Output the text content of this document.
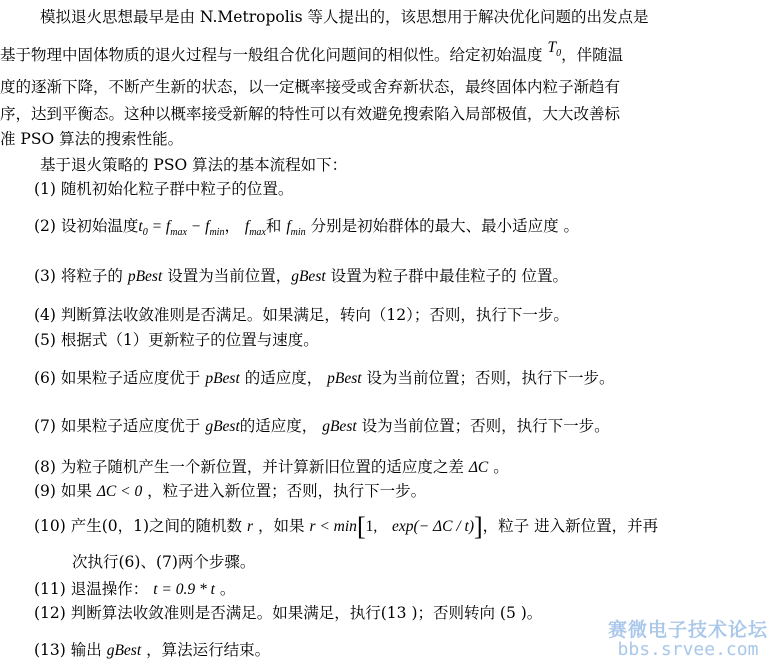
模拟退火思想最早是由 N.Metropolis 等人提出的，该思想用于解决优化问题的出发点是
基于物理中固体物质的退火过程与一般组合优化问题间的相似性。给定初始温度 $T_0$，伴随温
度的逐渐下降，不断产生新的状态，以一定概率接受或舍弃新状态，最终固体内粒子渐趋有
序，达到平衡态。这种以概率接受新解的特性可以有效避免搜索陷入局部极值，大大改善标
准 PSO 算法的搜索性能。
基于退火策略的 PSO 算法的基本流程如下：
(1) 随机初始化粒子群中粒子的位置。
(2) 设初始温度$t_0 = f_{max} - f_{min}$， $f_{max}$和 $f_{min}$ 分别是初始群体的最大、最小适应度 。
(3) 将粒子的 pBest 设置为当前位置，gBest 设置为粒子群中最佳粒子的 位置。
(4) 判断算法收敛准则是否满足。如果满足，转向（12）；否则，执行下一步。
(5) 根据式（1）更新粒子的位置与速度。
(6) 如果粒子适应度优于 pBest 的适应度， pBest 设为当前位置；否则，执行下一步。
(7) 如果粒子适应度优于 gBest的适应度， gBest 设为当前位置；否则，执行下一步。
(8) 为粒子随机产生一个新位置，并计算新旧位置的适应度之差 ΔC 。
(9) 如果 ΔC < 0 ，粒子进入新位置；否则，执行下一步。
(10) 产生(0，1)之间的随机数 r ，如果 r < min[1, exp(− ΔC / t)]，粒子 进入新位置，并再
次执行(6)、(7)两个步骤。
(11) 退温操作： t = 0.9 * t 。
(12) 判断算法收敛准则是否满足。如果满足，执行(13 )；否则转向 (5 )。
(13) 输出 gBest ，算法运行结束。
赛微电子技术论坛
bbs.srvee.com
